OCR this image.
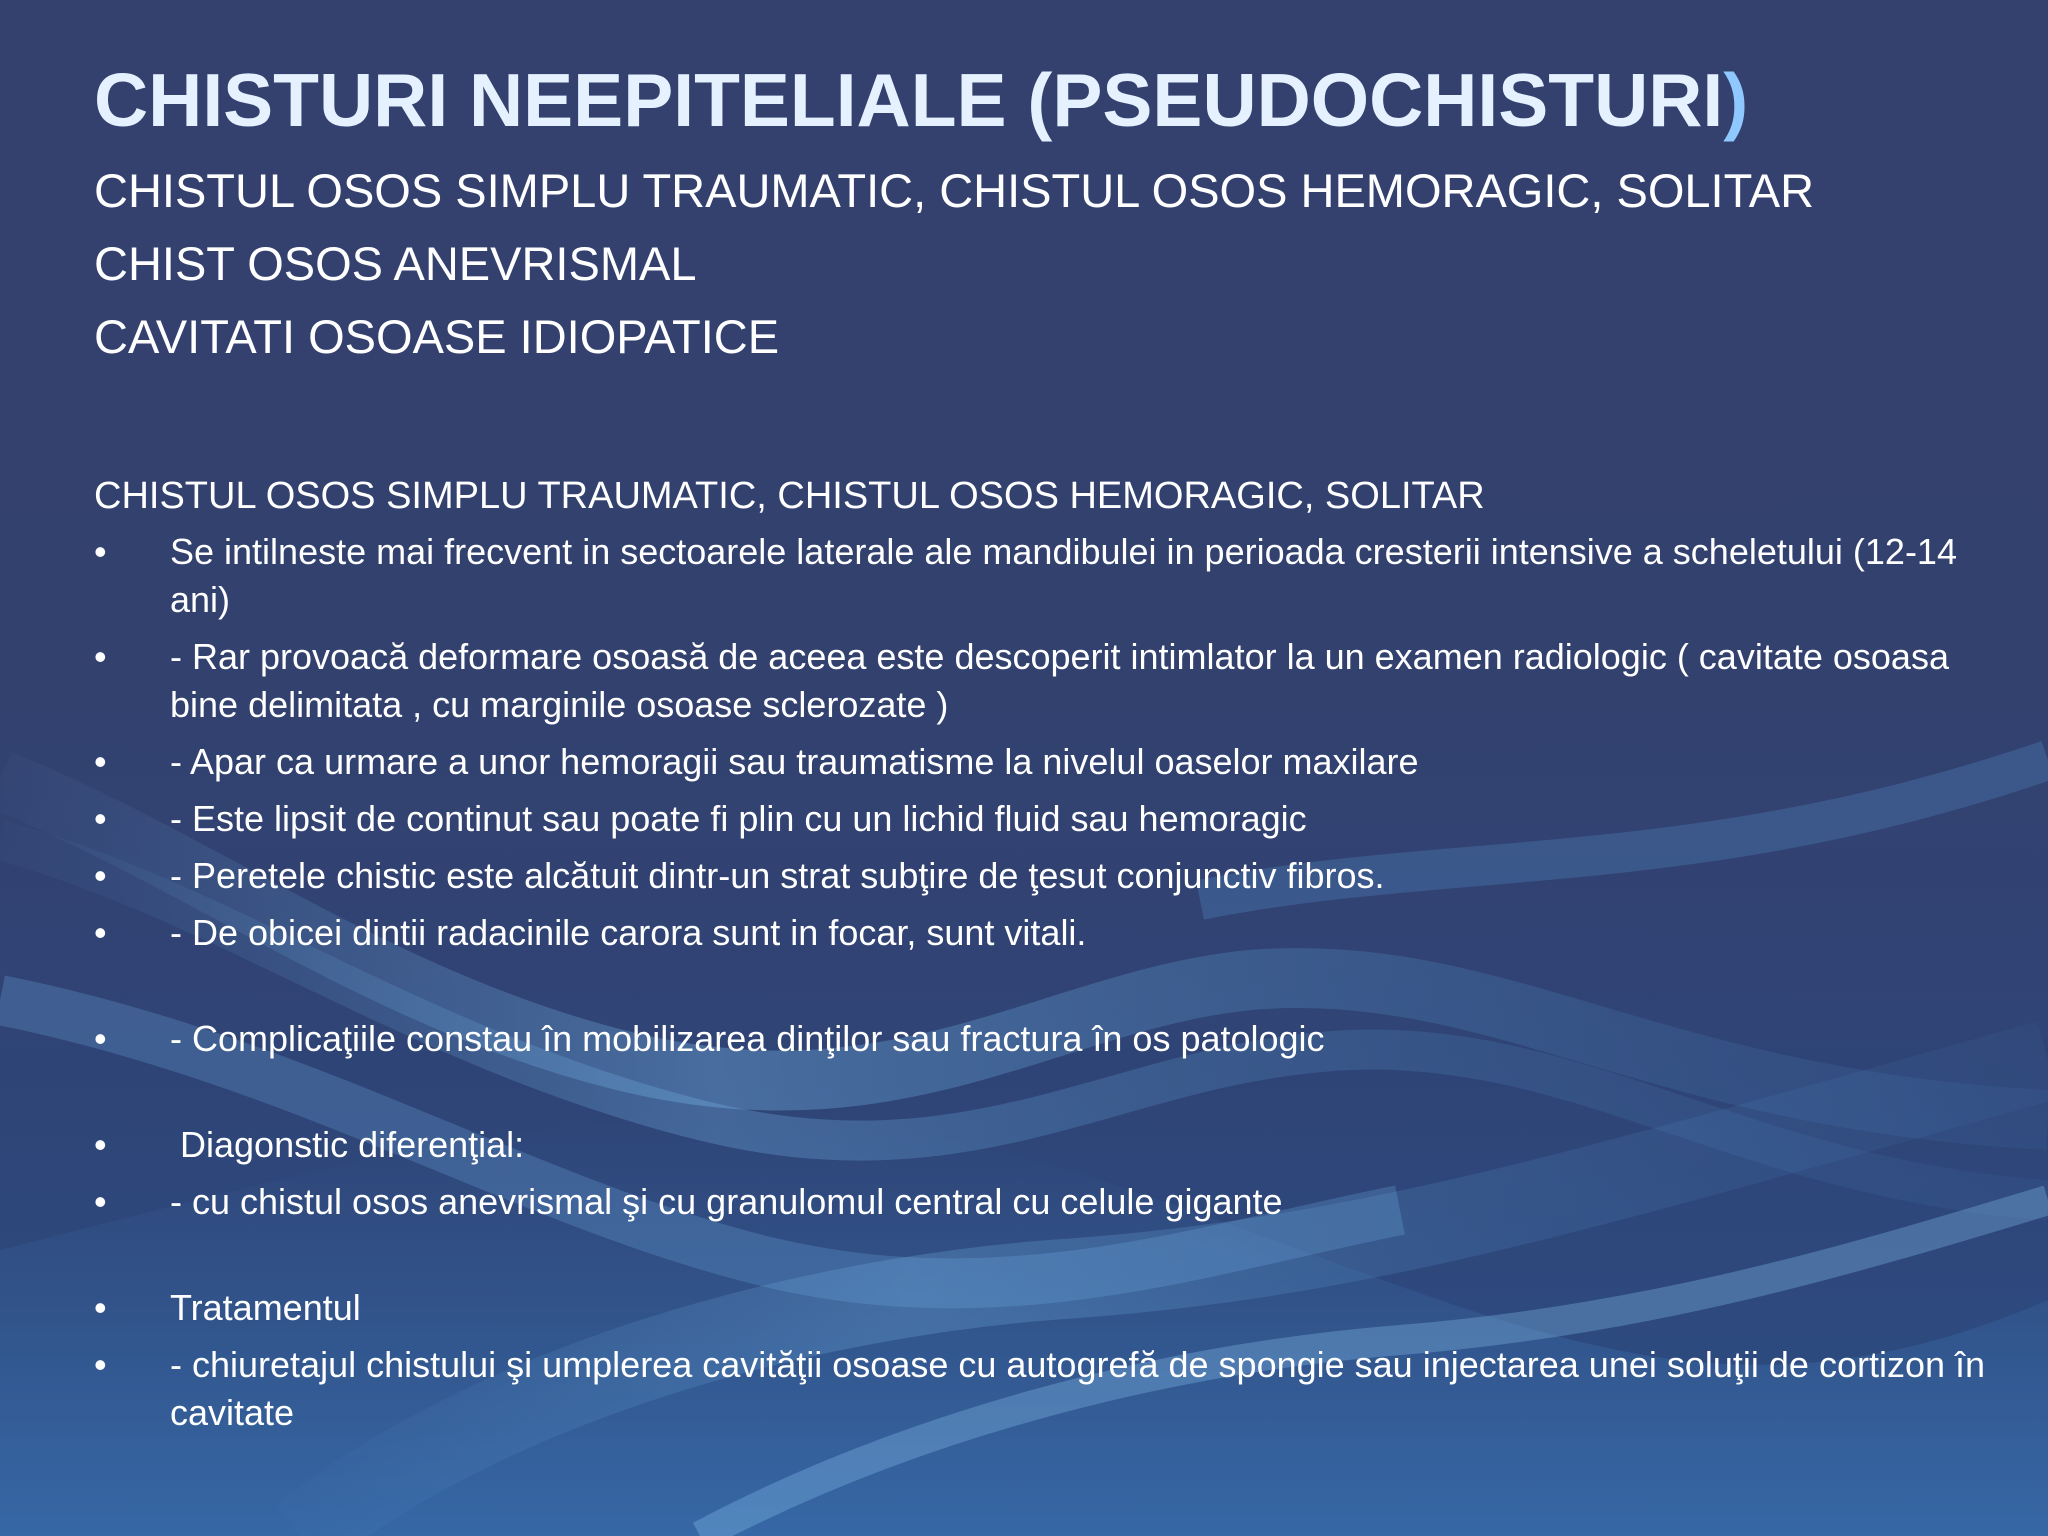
CHISTURI NEEPITELIALE (PSEUDOCHISTURI)
CHISTUL OSOS SIMPLU TRAUMATIC, CHISTUL OSOS HEMORAGIC, SOLITAR
CHIST OSOS ANEVRISMAL
CAVITATI OSOASE IDIOPATICE
CHISTUL OSOS SIMPLU TRAUMATIC, CHISTUL OSOS HEMORAGIC, SOLITAR
•	Se intilneste mai frecvent in sectoarele laterale ale mandibulei in perioada cresterii intensive a scheletului (12-14 ani)
•	- Rar provoacă deformare osoasă de aceea este descoperit intimlator la un examen radiologic ( cavitate osoasa bine delimitata , cu marginile osoase sclerozate )
•	- Apar ca urmare a unor hemoragii sau traumatisme la nivelul oaselor maxilare
•	- Este lipsit de continut sau poate fi plin cu un lichid fluid sau hemoragic
•	- Peretele chistic este alcătuit dintr-un strat subţire de ţesut conjunctiv fibros.
•	- De obicei dintii radacinile carora sunt in focar, sunt vitali.
•	- Complicaţiile constau în mobilizarea dinţilor sau fractura în os patologic
•	Diagonstic diferenţial:
•	- cu chistul osos anevrismal şi cu granulomul central cu celule gigante
•	Tratamentul
•	- chiuretajul chistului şi umplerea cavităţii osoase cu autogrefă de spongie sau injectarea unei soluţii de cortizon în cavitate
